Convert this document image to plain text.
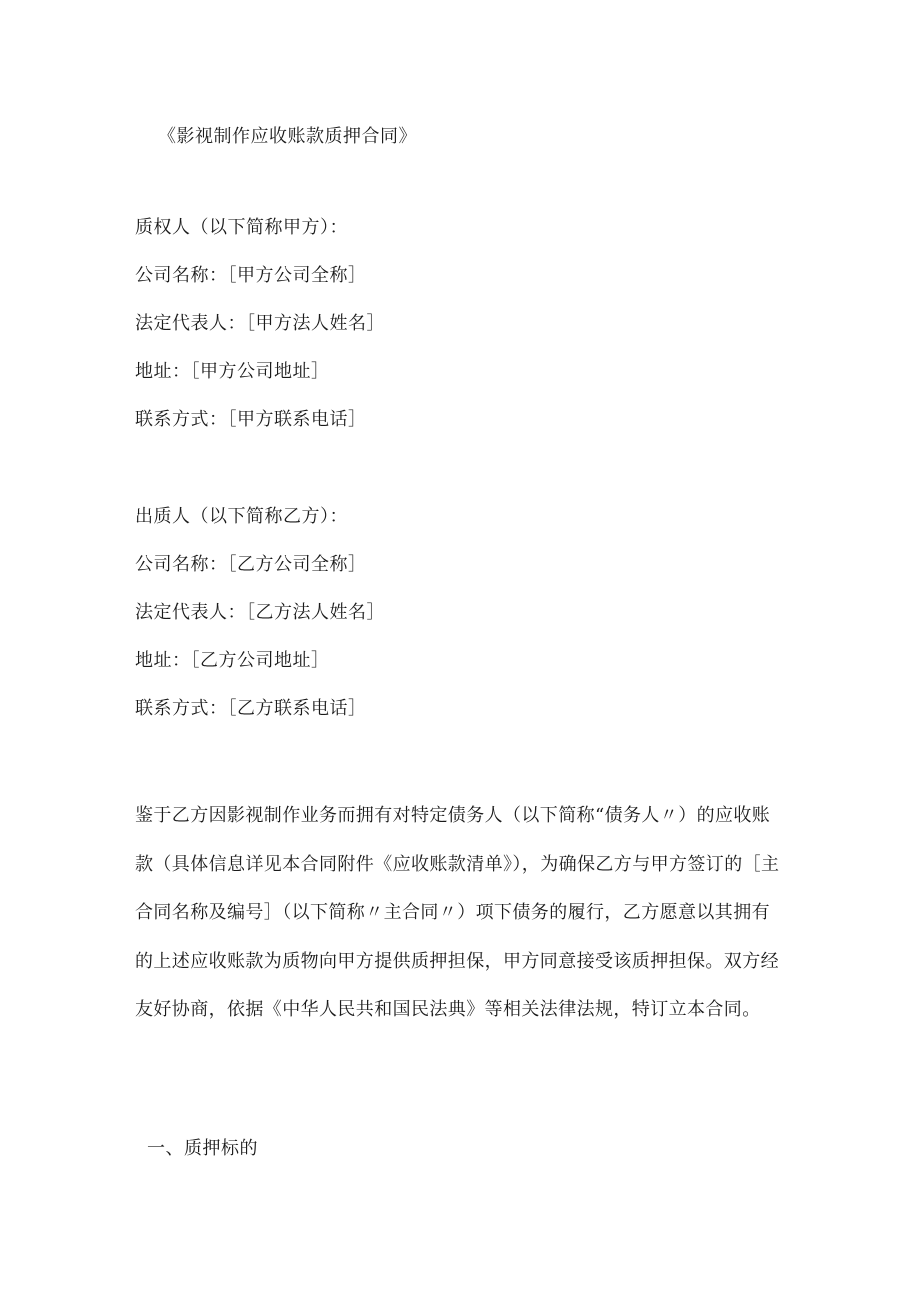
《影视制作应收账款质押合同》
质权人（以下简称甲方）：
公司名称：［甲方公司全称］
法定代表人：［甲方法人姓名］
地址：［甲方公司地址］
联系方式：［甲方联系电话］
出质人（以下简称乙方）：
公司名称：［乙方公司全称］
法定代表人：［乙方法人姓名］
地址：［乙方公司地址］
联系方式：［乙方联系电话］
鉴于乙方因影视制作业务而拥有对特定债务人（以下简称“债务人〃）的应收账款（具体信息详见本合同附件《应收账款清单》），为确保乙方与甲方签订的［主合同名称及编号］（以下简称〃主合同〃）项下债务的履行，乙方愿意以其拥有的上述应收账款为质物向甲方提供质押担保，甲方同意接受该质押担保。双方经友好协商，依据《中华人民共和国民法典》等相关法律法规，特订立本合同。
一、质押标的
